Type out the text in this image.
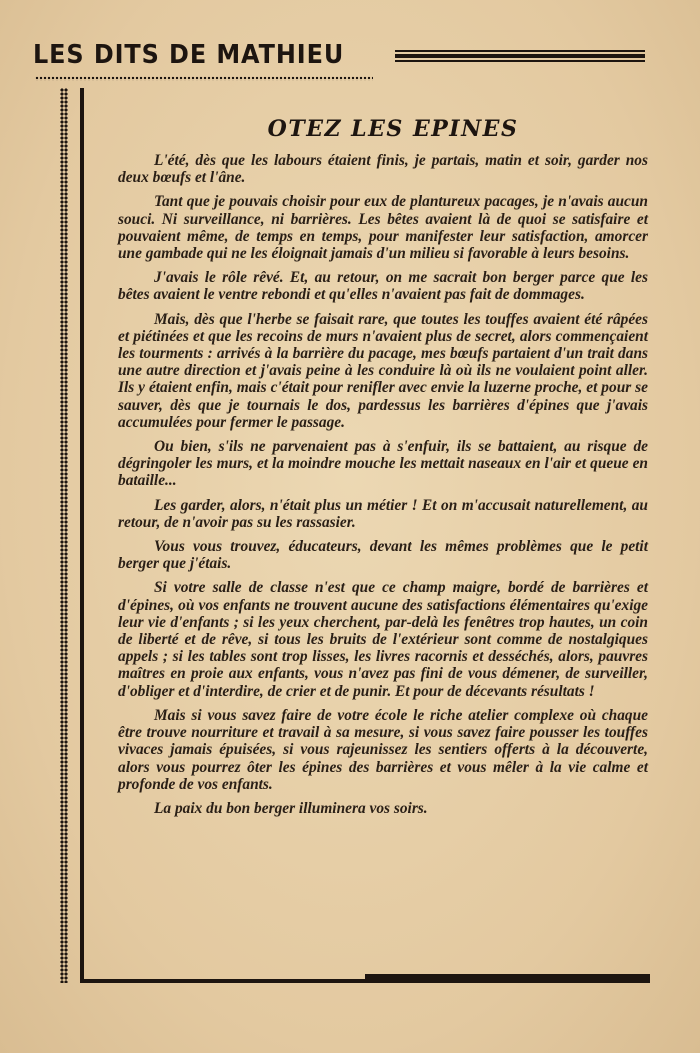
LES DITS DE MATHIEU
OTEZ LES EPINES

L'été, dès que les labours étaient finis, je partais, matin et soir, garder nos deux bœufs et l'âne.

Tant que je pouvais choisir pour eux de plantureux pacages, je n'avais aucun souci. Ni surveillance, ni barrières. Les bêtes avaient là de quoi se satisfaire et pouvaient même, de temps en temps, pour manifester leur satisfaction, amorcer une gambade qui ne les éloignait jamais d'un milieu si favorable à leurs besoins.

J'avais le rôle rêvé. Et, au retour, on me sacrait bon berger parce que les bêtes avaient le ventre rebondi et qu'elles n'avaient pas fait de dommages.

Mais, dès que l'herbe se faisait rare, que toutes les touffes avaient été râpées et piétinées et que les recoins de murs n'avaient plus de secret, alors commençaient les tourments : arrivés à la barrière du pacage, mes bœufs partaient d'un trait dans une autre direction et j'avais peine à les conduire là où ils ne voulaient point aller. Ils y étaient enfin, mais c'était pour renifler avec envie la luzerne proche, et pour se sauver, dès que je tournais le dos, pardessus les barrières d'épines que j'avais accumulées pour fermer le passage.

Ou bien, s'ils ne parvenaient pas à s'enfuir, ils se battaient, au risque de dégringoler les murs, et la moindre mouche les mettait naseaux en l'air et queue en bataille...

Les garder, alors, n'était plus un métier ! Et on m'accusait naturellement, au retour, de n'avoir pas su les rassasier.

Vous vous trouvez, éducateurs, devant les mêmes problèmes que le petit berger que j'étais.

Si votre salle de classe n'est que ce champ maigre, bordé de barrières et d'épines, où vos enfants ne trouvent aucune des satisfactions élémentaires qu'exige leur vie d'enfants ; si les yeux cherchent, par-delà les fenêtres trop hautes, un coin de liberté et de rêve, si tous les bruits de l'extérieur sont comme de nostalgiques appels ; si les tables sont trop lisses, les livres racornis et desséchés, alors, pauvres maîtres en proie aux enfants, vous n'avez pas fini de vous démener, de surveiller, d'obliger et d'interdire, de crier et de punir. Et pour de décevants résultats !

Mais si vous savez faire de votre école le riche atelier complexe où chaque être trouve nourriture et travail à sa mesure, si vous savez faire pousser les touffes vivaces jamais épuisées, si vous rajeunissez les sentiers offerts à la découverte, alors vous pourrez ôter les épines des barrières et vous mêler à la vie calme et profonde de vos enfants.

La paix du bon berger illuminera vos soirs.
